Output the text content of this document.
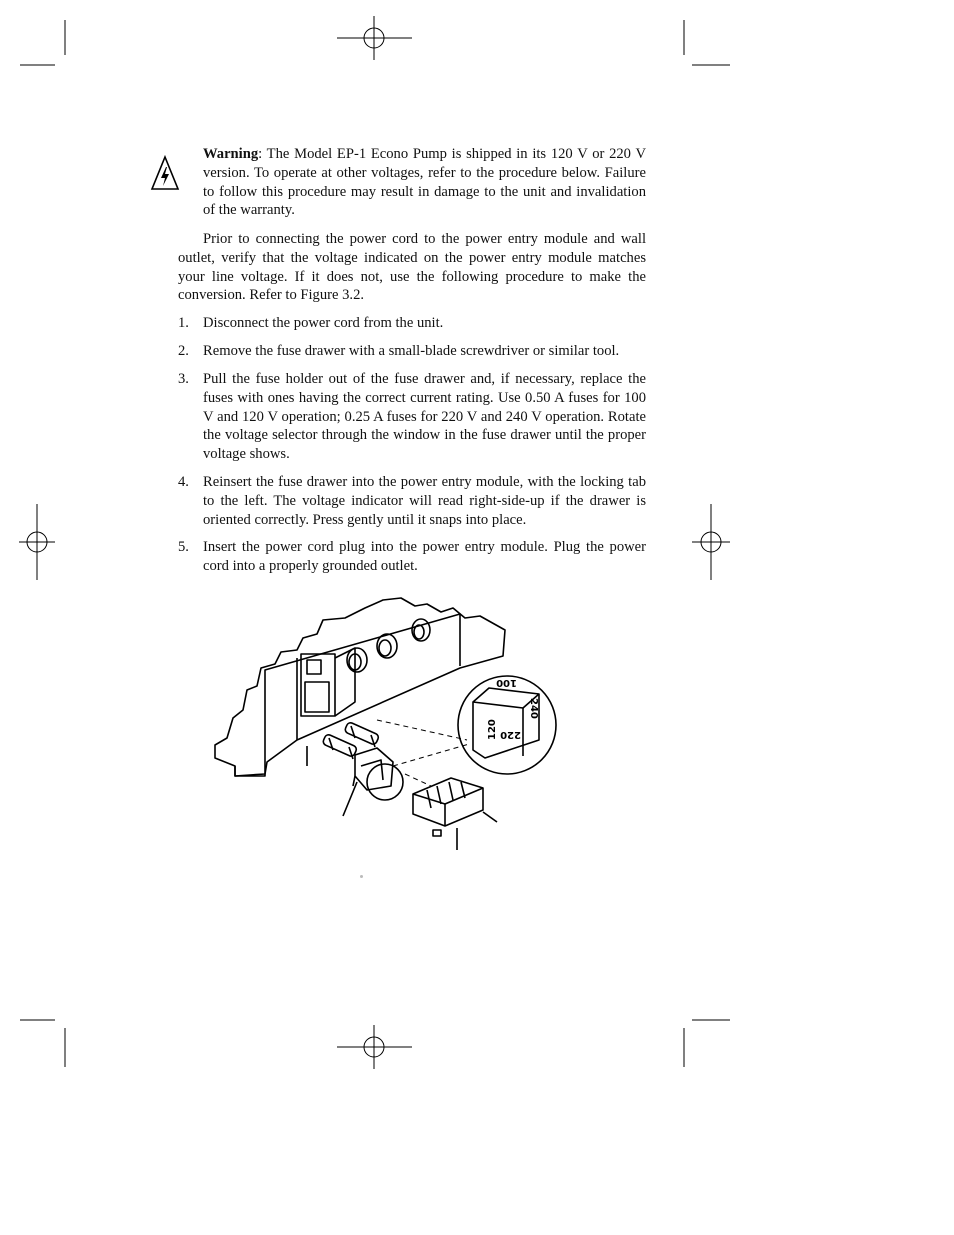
Warning: The Model EP-1 Econo Pump is shipped in its 120 V or 220 V version. To operate at other voltages, refer to the procedure below. Failure to follow this procedure may result in damage to the unit and invalidation of the warranty.

Prior to connecting the power cord to the power entry module and wall outlet, verify that the voltage indicated on the power entry module matches your line voltage. If it does not, use the following procedure to make the conversion. Refer to Figure 3.2.

1. Disconnect the power cord from the unit.
2. Remove the fuse drawer with a small-blade screwdriver or similar tool.
3. Pull the fuse holder out of the fuse drawer and, if necessary, replace the fuses with ones having the correct current rating. Use 0.50 A fuses for 100 V and 120 V operation; 0.25 A fuses for 220 V and 240 V operation. Rotate the voltage selector through the window in the fuse drawer until the proper voltage shows.
4. Reinsert the fuse drawer into the power entry module, with the locking tab to the left. The voltage indicator will read right-side-up if the drawer is oriented correctly. Press gently until it snaps into place.
5. Insert the power cord plug into the power entry module. Plug the power cord into a properly grounded outlet.
100
240
220
120
